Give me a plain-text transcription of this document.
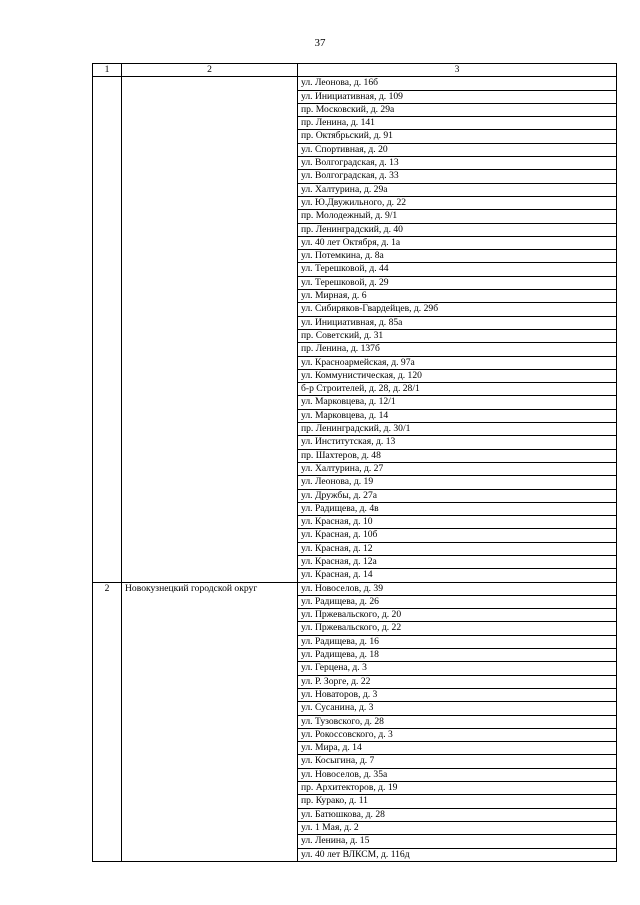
37
1	2	3
		ул. Леонова, д. 16б
		ул. Инициативная, д. 109
		пр. Московский, д. 29а
		пр. Ленина, д. 141
		пр. Октябрьский, д. 91
		ул. Спортивная, д. 20
		ул. Волгоградская, д. 13
		ул. Волгоградская, д. 33
		ул. Халтурина, д. 29а
		ул. Ю.Двужильного, д. 22
		пр. Молодежный, д. 9/1
		пр. Ленинградский, д. 40
		ул. 40 лет Октября, д. 1а
		ул. Потемкина, д. 8а
		ул. Терешковой, д. 44
		ул. Терешковой, д. 29
		ул. Мирная, д. 6
		ул. Сибиряков-Гвардейцев, д. 29б
		ул. Инициативная, д. 85а
		пр. Советский, д. 31
		пр. Ленина, д. 137б
		ул. Красноармейская, д. 97а
		ул. Коммунистическая, д. 120
		б-р Строителей, д. 28, д. 28/1
		ул. Марковцева, д. 12/1
		ул. Марковцева, д. 14
		пр. Ленинградский, д. 30/1
		ул. Институтская, д. 13
		пр. Шахтеров, д. 48
		ул. Халтурина, д. 27
		ул. Леонова, д. 19
		ул. Дружбы, д. 27а
		ул. Радищева, д. 4в
		ул. Красная, д. 10
		ул. Красная, д. 10б
		ул. Красная, д. 12
		ул. Красная, д. 12а
		ул. Красная, д. 14
2	Новокузнецкий городской округ	ул. Новоселов, д. 39
		ул. Радищева, д. 26
		ул. Пржевальского, д. 20
		ул. Пржевальского, д. 22
		ул. Радищева, д. 16
		ул. Радищева, д. 18
		ул. Герцена, д. 3
		ул. Р. Зорге, д. 22
		ул. Новаторов, д. 3
		ул. Сусанина, д. 3
		ул. Тузовского, д. 28
		ул. Рокоссовского, д. 3
		ул. Мира, д. 14
		ул. Косыгина, д. 7
		ул. Новоселов, д. 35а
		пр. Архитекторов, д. 19
		пр. Курако, д. 11
		ул. Батюшкова, д. 28
		ул. 1 Мая, д. 2
		ул. Ленина, д. 15
		ул. 40 лет ВЛКСМ, д. 116д
